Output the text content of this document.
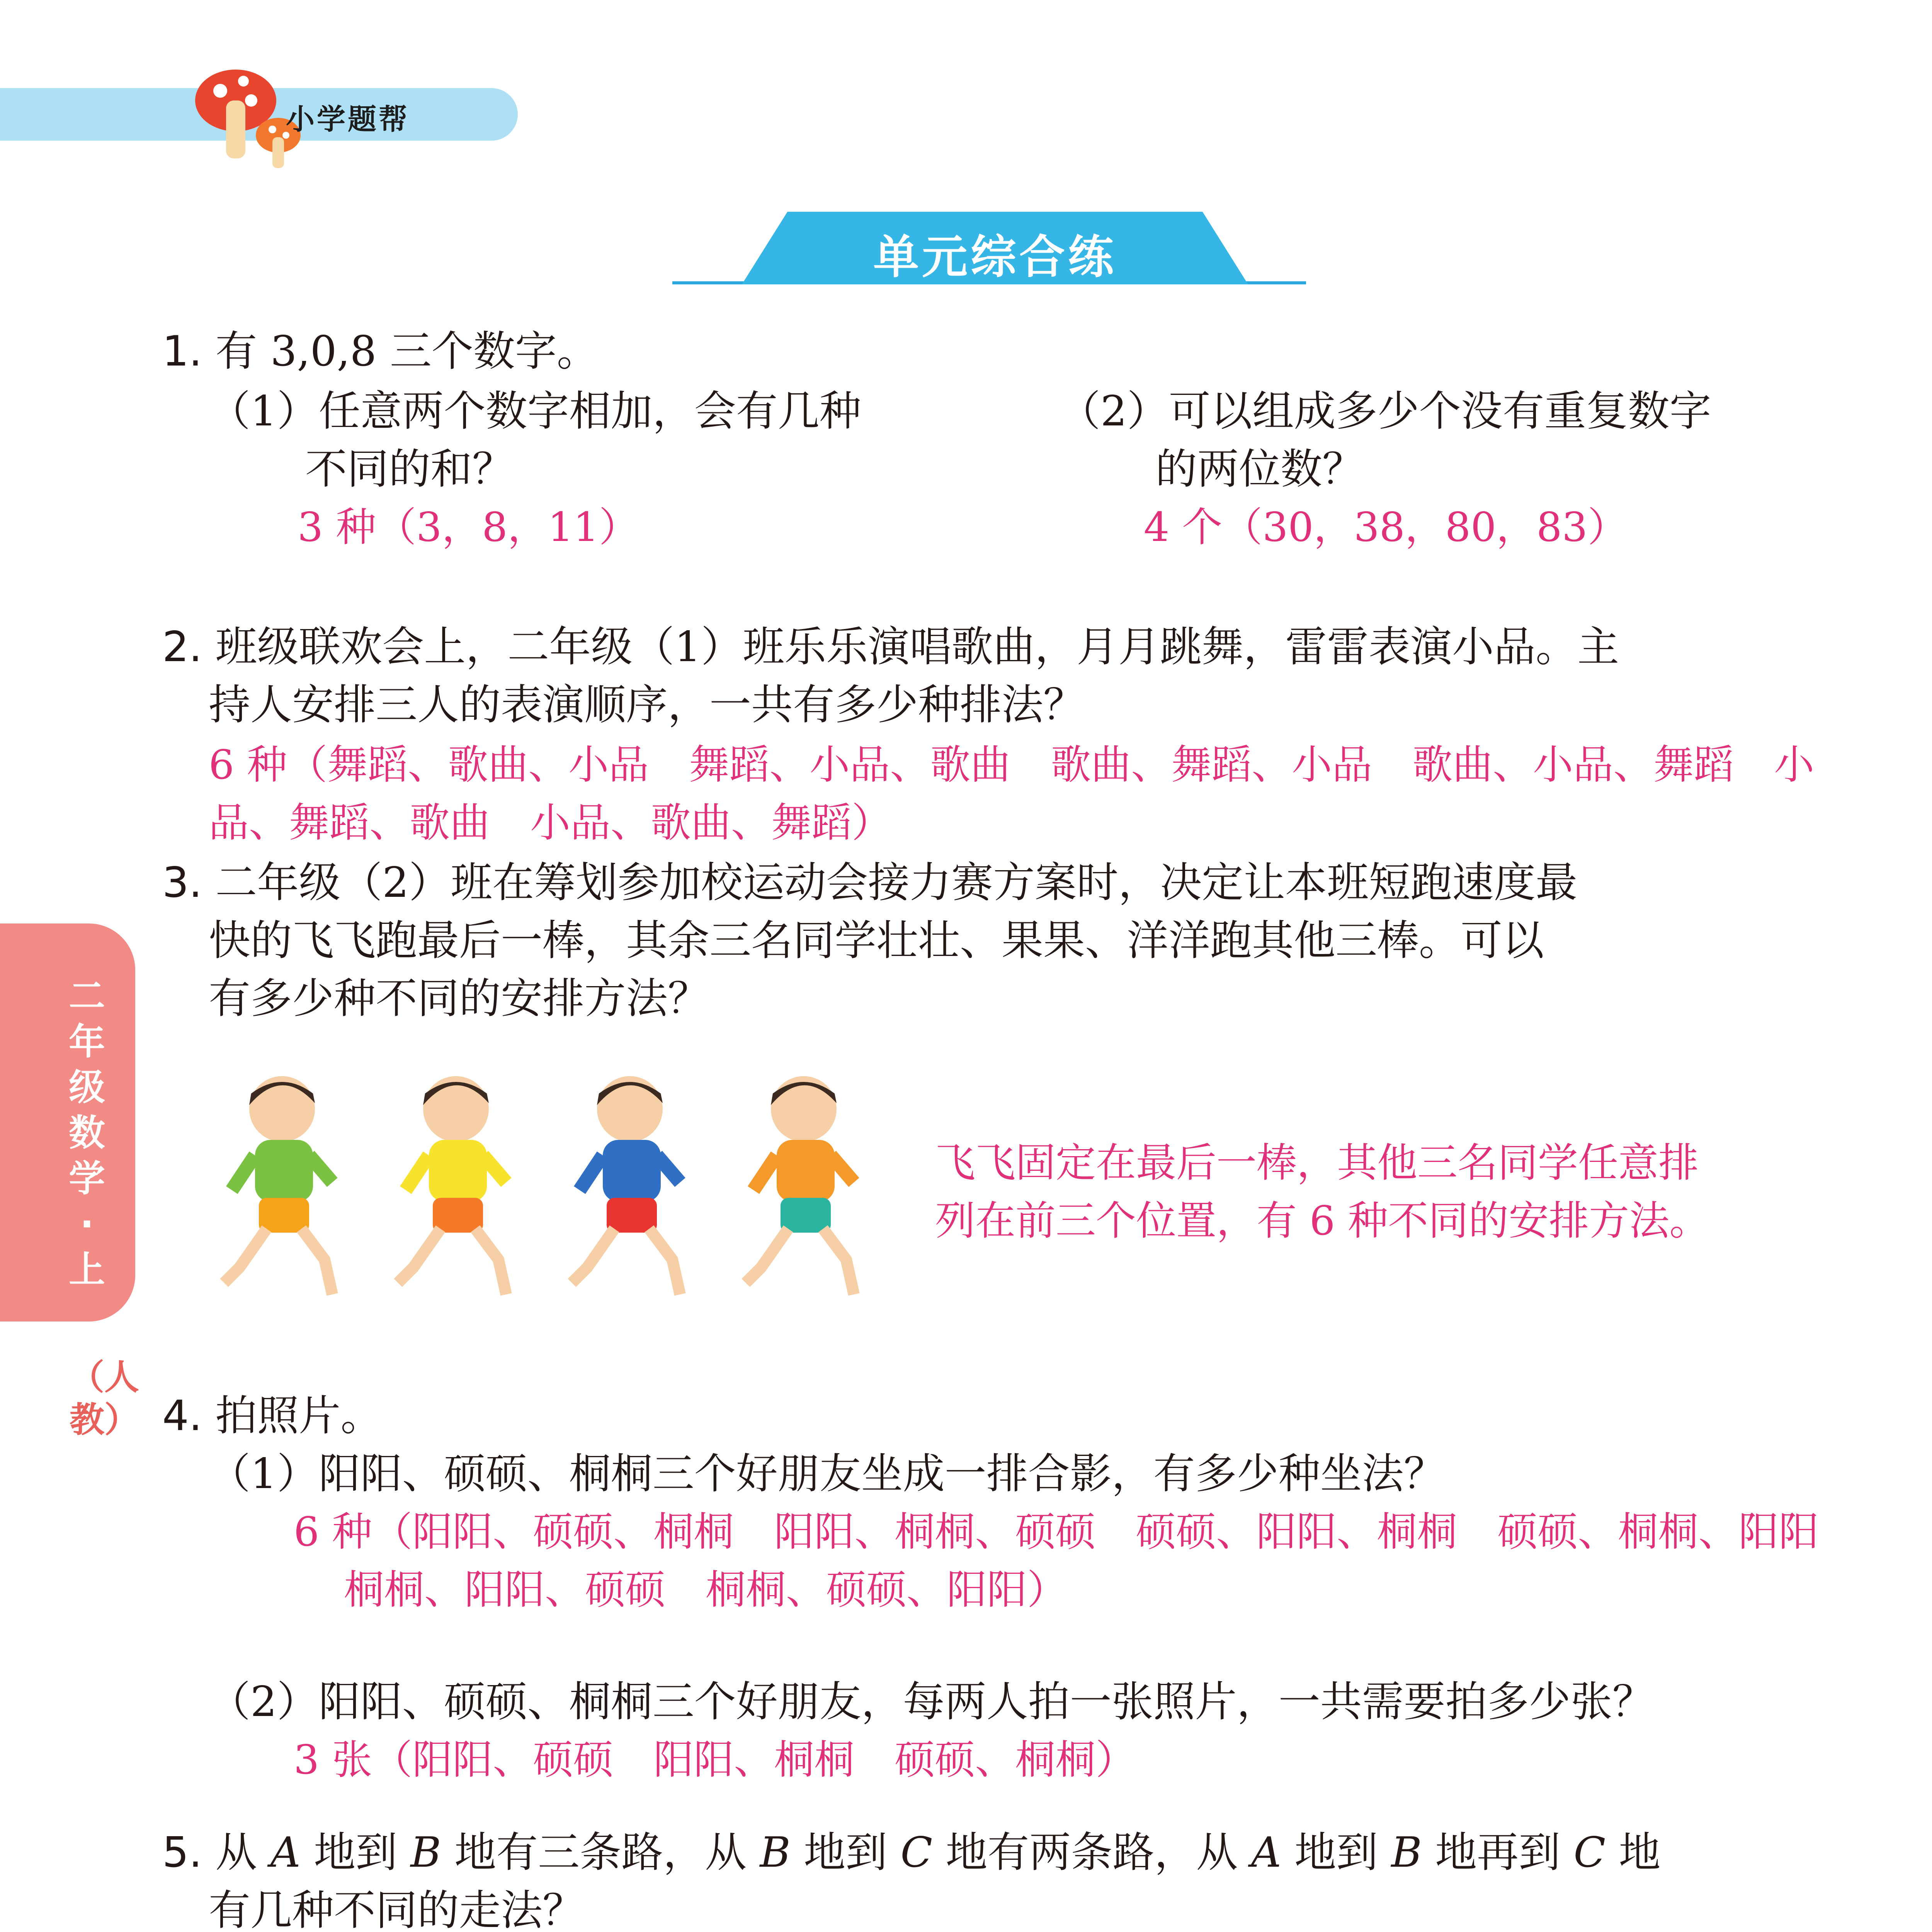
小学题帮
单元综合练
二年级数学·上
（人教）
1. 有 3,0,8 三个数字。
（1）任意两个数字相加，会有几种
不同的和？
3 种（3，8，11）
（2）可以组成多少个没有重复数字
的两位数？
4 个（30，38，80，83）
2. 班级联欢会上，二年级（1）班乐乐演唱歌曲，月月跳舞，雷雷表演小品。主
持人安排三人的表演顺序，一共有多少种排法？
6 种（舞蹈、歌曲、小品　舞蹈、小品、歌曲　歌曲、舞蹈、小品　歌曲、小品、舞蹈　小
品、舞蹈、歌曲　小品、歌曲、舞蹈）
3. 二年级（2）班在筹划参加校运动会接力赛方案时，决定让本班短跑速度最
快的飞飞跑最后一棒，其余三名同学壮壮、果果、洋洋跑其他三棒。可以
有多少种不同的安排方法？
飞飞固定在最后一棒，其他三名同学任意排
列在前三个位置，有 6 种不同的安排方法。
4. 拍照片。
（1）阳阳、硕硕、桐桐三个好朋友坐成一排合影，有多少种坐法？
6 种（阳阳、硕硕、桐桐　阳阳、桐桐、硕硕　硕硕、阳阳、桐桐　硕硕、桐桐、阳阳
桐桐、阳阳、硕硕　桐桐、硕硕、阳阳）
（2）阳阳、硕硕、桐桐三个好朋友，每两人拍一张照片，一共需要拍多少张？
3 张（阳阳、硕硕　阳阳、桐桐　硕硕、桐桐）
5. 从 A 地到 B 地有三条路，从 B 地到 C 地有两条路，从 A 地到 B 地再到 C 地
有几种不同的走法？
